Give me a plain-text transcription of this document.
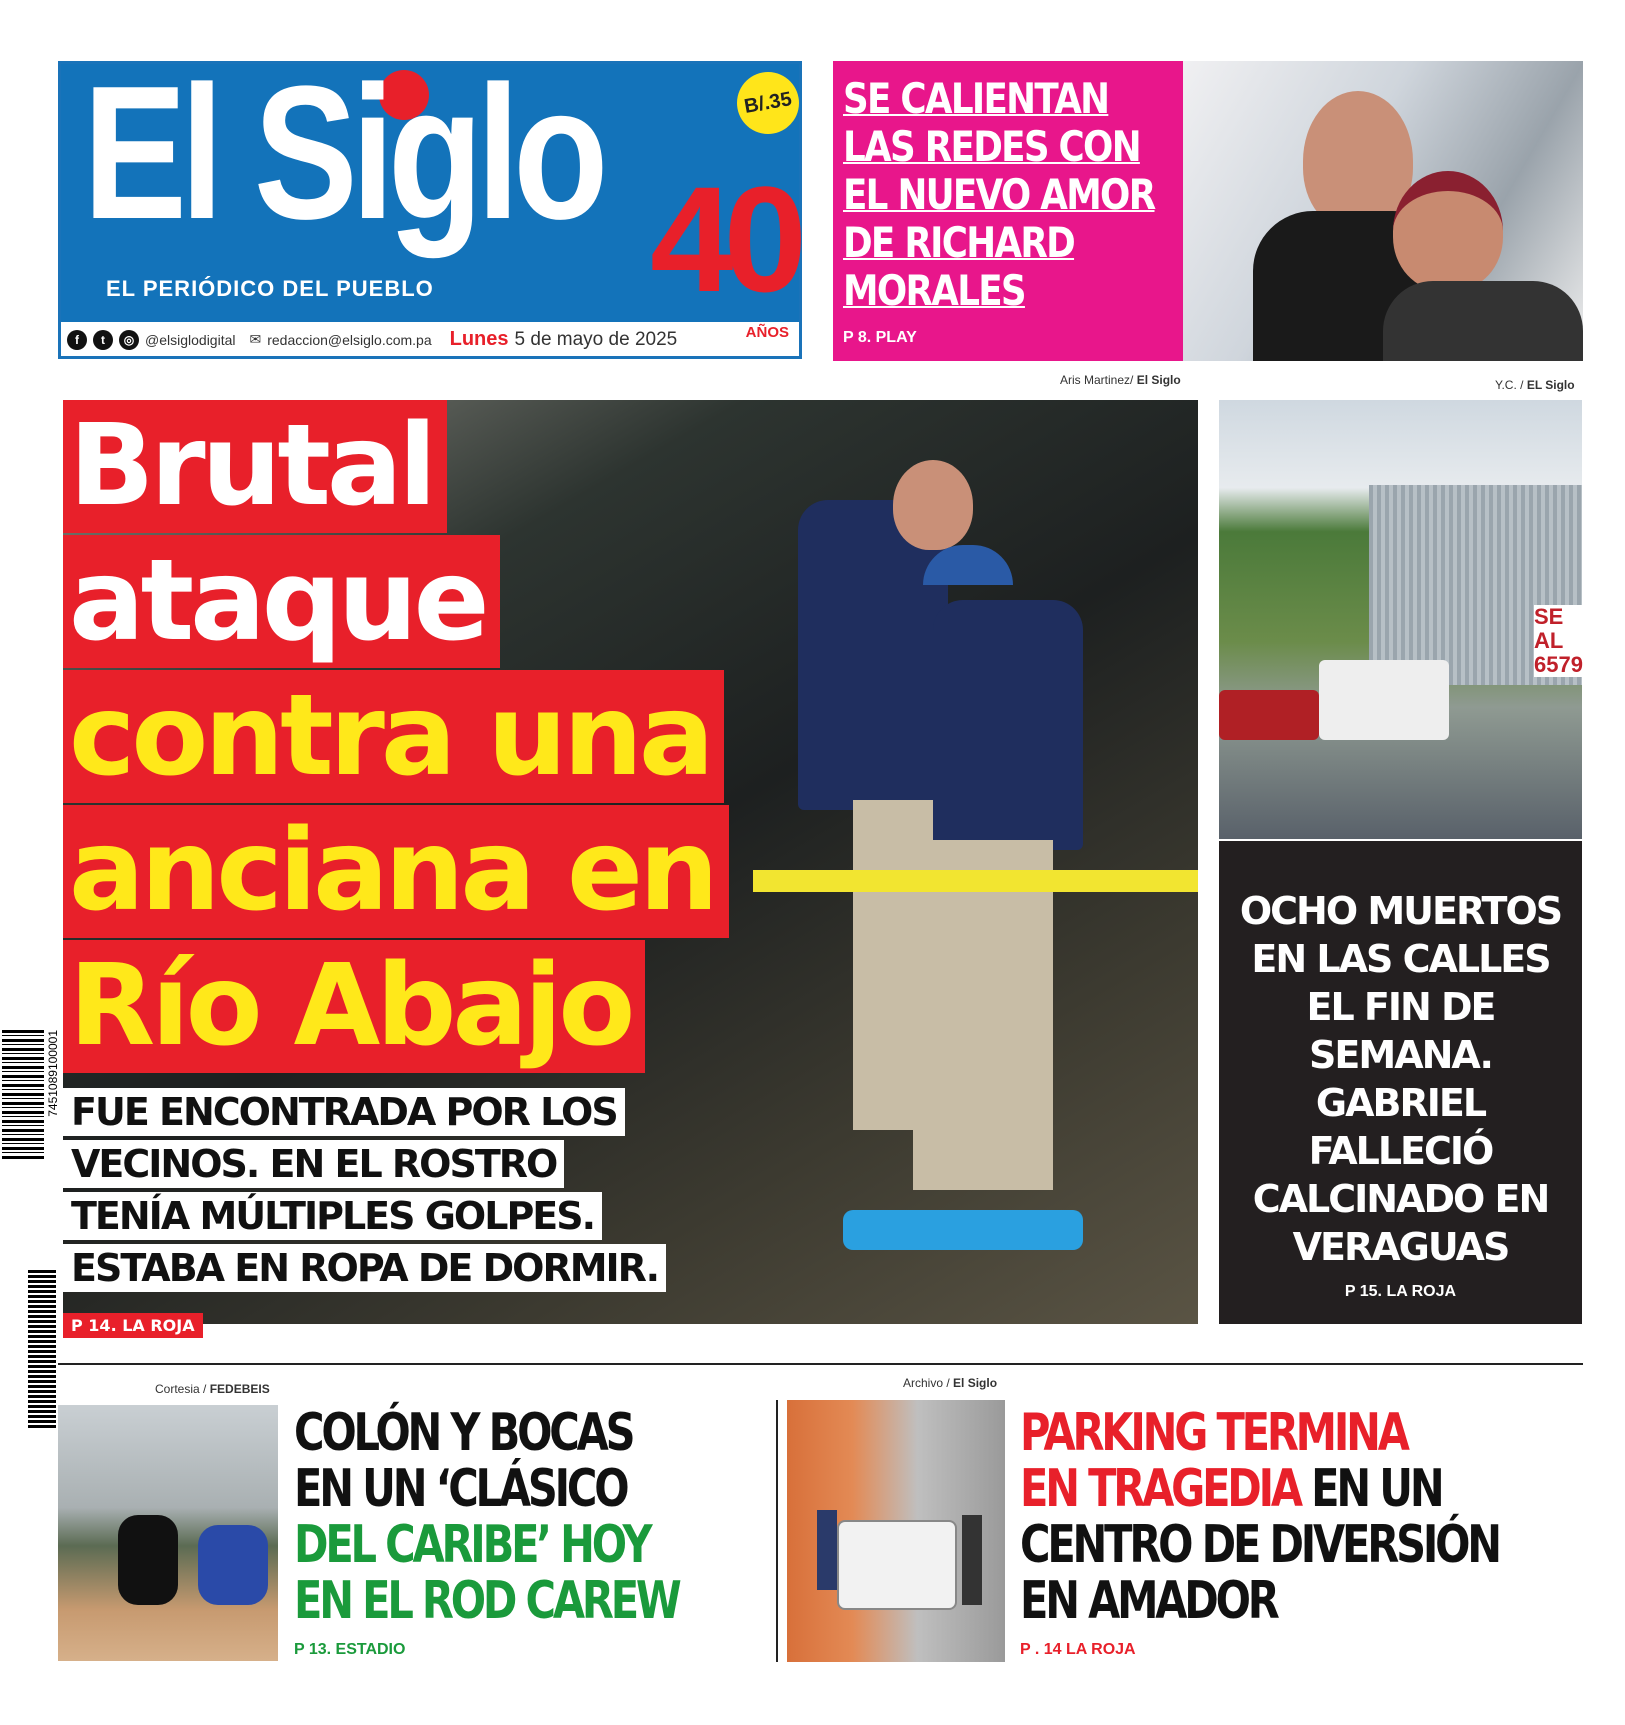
El Siglo
EL PERIÓDICO DEL PUEBLO
B/.35
40
AÑOS
f	t	◎ @elsiglodigital ✉ redaccion@elsiglo.com.pa Lunes 5 de mayo de 2025
SE CALIENTAN
LAS REDES CON
EL NUEVO AMOR
DE RICHARD
MORALES
P 8. PLAY
Aris Martinez/ El Siglo	Y.C. / EL Siglo
Brutal
ataque
contra una
anciana en
Río Abajo
FUE ENCONTRADA POR LOS
VECINOS. EN EL ROSTRO
TENÍA MÚLTIPLES GOLPES.
ESTABA EN ROPA DE DORMIR.
P 14. LA ROJA
SE AL 6579
OCHO MUERTOS
EN LAS CALLES
EL FIN DE
SEMANA.
GABRIEL
FALLECIÓ
CALCINADO EN
VERAGUAS
P 15. LA ROJA
7451089100001
Cortesia / FEDEBEIS
COLÓN Y BOCAS
EN UN ‘CLÁSICO
DEL CARIBE’ HOY
EN EL ROD CAREW
P 13. ESTADIO
Archivo / El Siglo
PARKING TERMINA
EN TRAGEDIA EN UN
CENTRO DE DIVERSIÓN
EN AMADOR
P . 14 LA ROJA
